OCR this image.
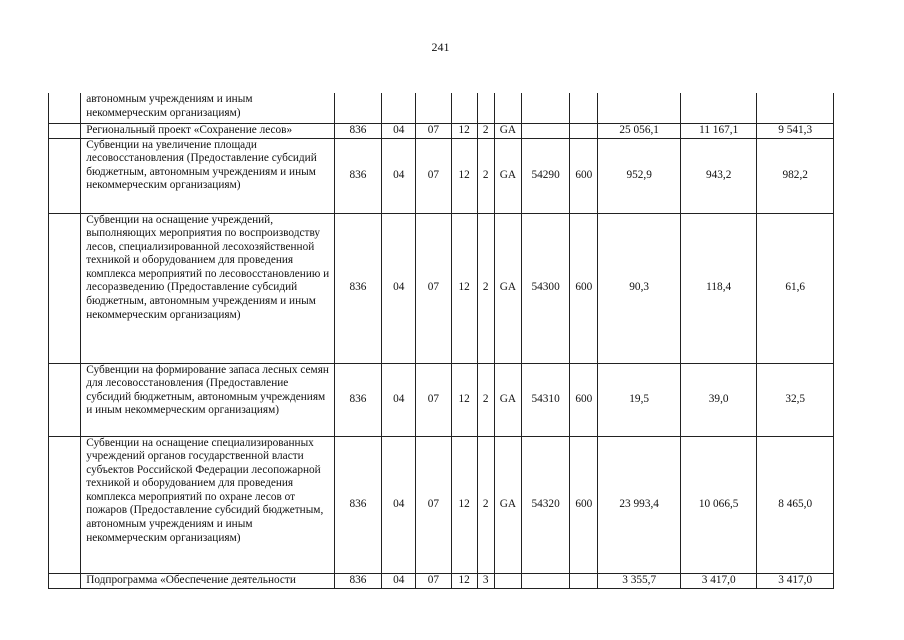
241
	автономным учреждениям и иным некоммерческим организациям)											
	Региональный проект «Сохранение лесов»	836	04	07	12	2	GA			25 056,1	11 167,1	9 541,3
	Субвенции на увеличение площади лесовосстановления (Предоставление субсидий бюджетным, автономным учреждениям и иным некоммерческим организациям)	836	04	07	12	2	GA	54290	600	952,9	943,2	982,2
	Субвенции на оснащение учреждений, выполняющих мероприятия по воспроизводству лесов, специализированной лесохозяйственной техникой и оборудованием для проведения комплекса мероприятий по лесовосстановлению и лесоразведению (Предоставление субсидий бюджетным, автономным учреждениям и иным некоммерческим организациям)	836	04	07	12	2	GA	54300	600	90,3	118,4	61,6
	Субвенции на формирование запаса лесных семян для лесовосстановления (Предоставление субсидий бюджетным, автономным учреждениям и иным некоммерческим организациям)	836	04	07	12	2	GA	54310	600	19,5	39,0	32,5
	Субвенции на оснащение специализированных учреждений органов государственной власти субъектов Российской Федерации лесопожарной техникой и оборудованием для проведения комплекса мероприятий по охране лесов от пожаров (Предоставление субсидий бюджетным, автономным учреждениям и иным некоммерческим организациям)	836	04	07	12	2	GA	54320	600	23 993,4	10 066,5	8 465,0
	Подпрограмма «Обеспечение деятельности	836	04	07	12	3				3 355,7	3 417,0	3 417,0
